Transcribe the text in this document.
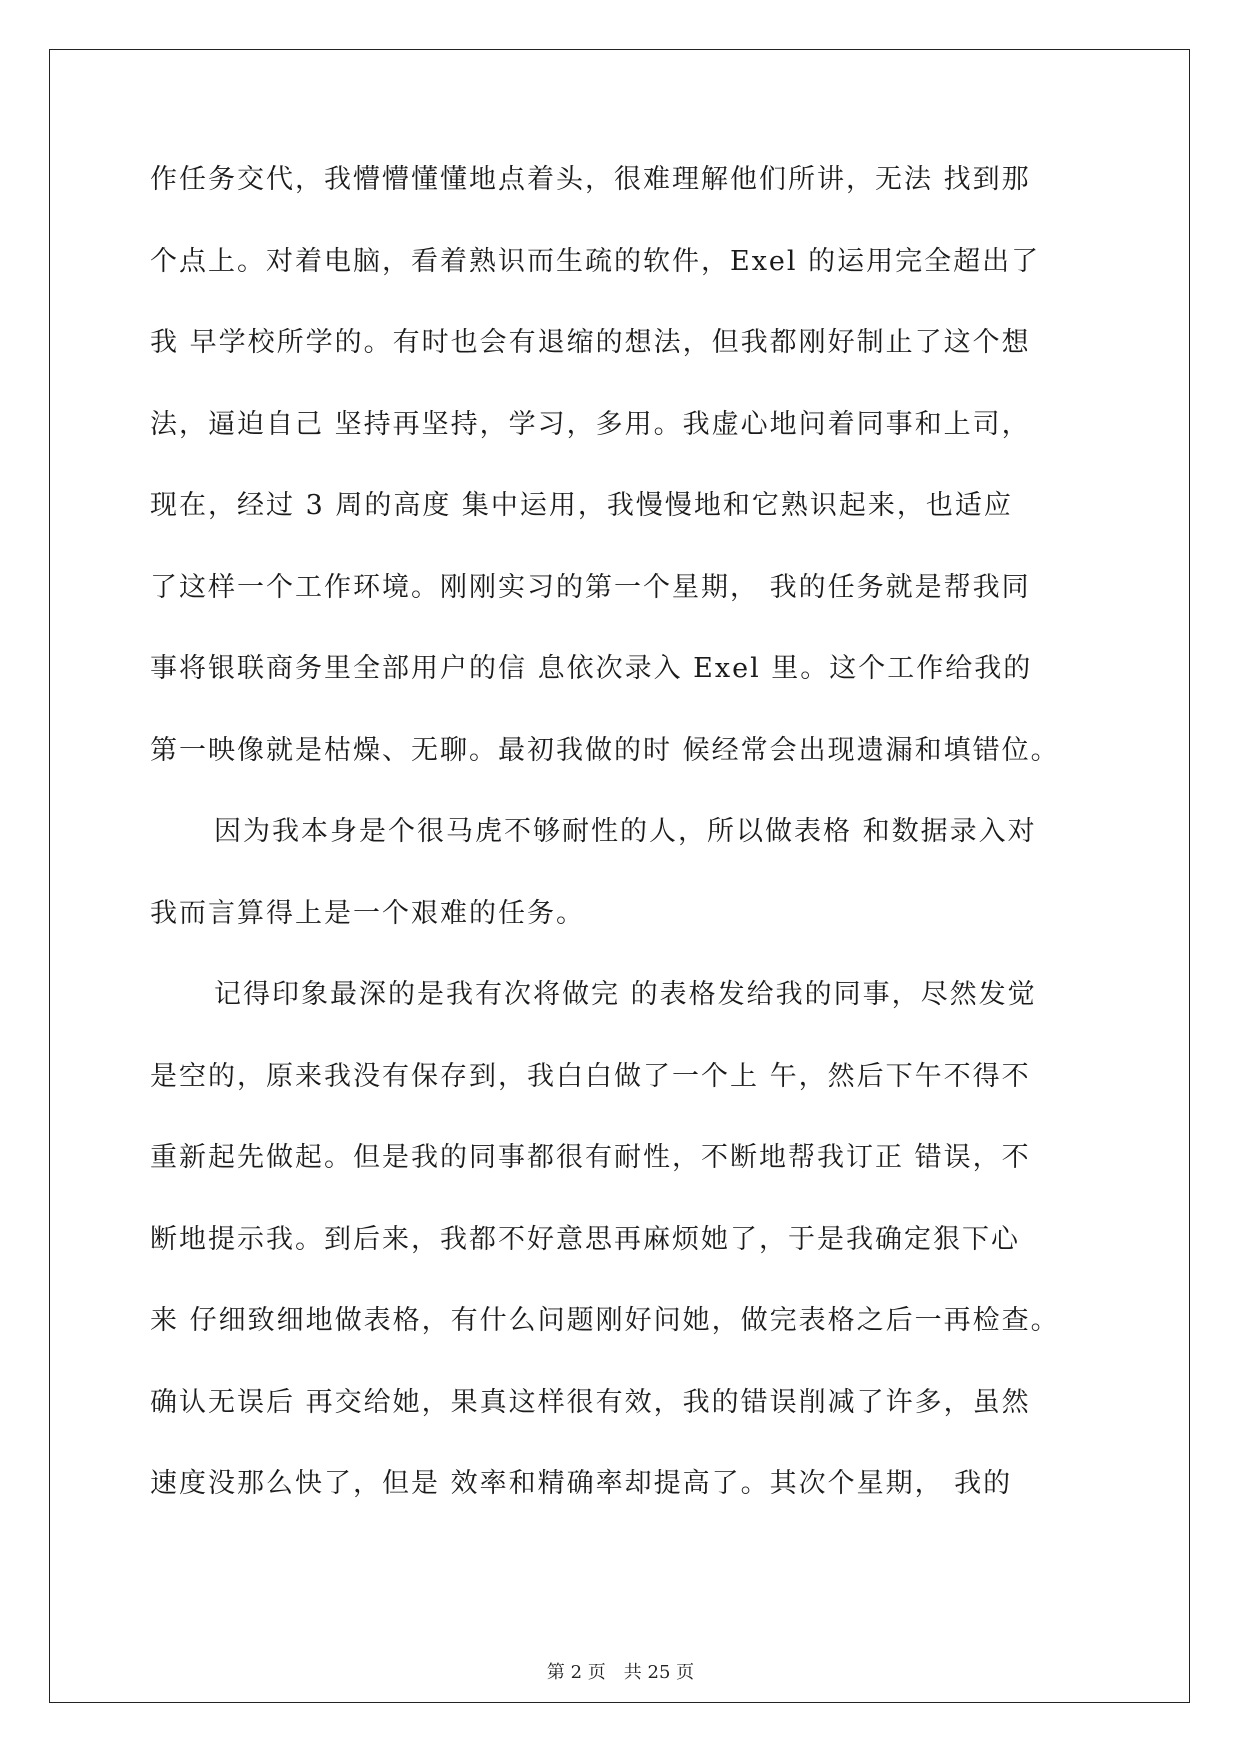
作任务交代，我懵懵懂懂地点着头，很难理解他们所讲，无法 找到那
个点上。对着电脑，看着熟识而生疏的软件，Exel 的运用完全超出了
我 早学校所学的。有时也会有退缩的想法，但我都刚好制止了这个想
法，逼迫自己 坚持再坚持，学习，多用。我虚心地问着同事和上司，
现在，经过 3 周的高度 集中运用，我慢慢地和它熟识起来，也适应
了这样一个工作环境。刚刚实习的第一个星期， 我的任务就是帮我同
事将银联商务里全部用户的信 息依次录入 Exel 里。这个工作给我的
第一映像就是枯燥、无聊。最初我做的时 候经常会出现遗漏和填错位。
因为我本身是个很马虎不够耐性的人，所以做表格 和数据录入对
我而言算得上是一个艰难的任务。
记得印象最深的是我有次将做完 的表格发给我的同事，尽然发觉
是空的，原来我没有保存到，我白白做了一个上 午，然后下午不得不
重新起先做起。但是我的同事都很有耐性，不断地帮我订正 错误，不
断地提示我。到后来，我都不好意思再麻烦她了，于是我确定狠下心
来 仔细致细地做表格，有什么问题刚好问她，做完表格之后一再检查。
确认无误后 再交给她，果真这样很有效，我的错误削减了许多，虽然
速度没那么快了，但是 效率和精确率却提高了。其次个星期， 我的
第 2 页　共 25 页
